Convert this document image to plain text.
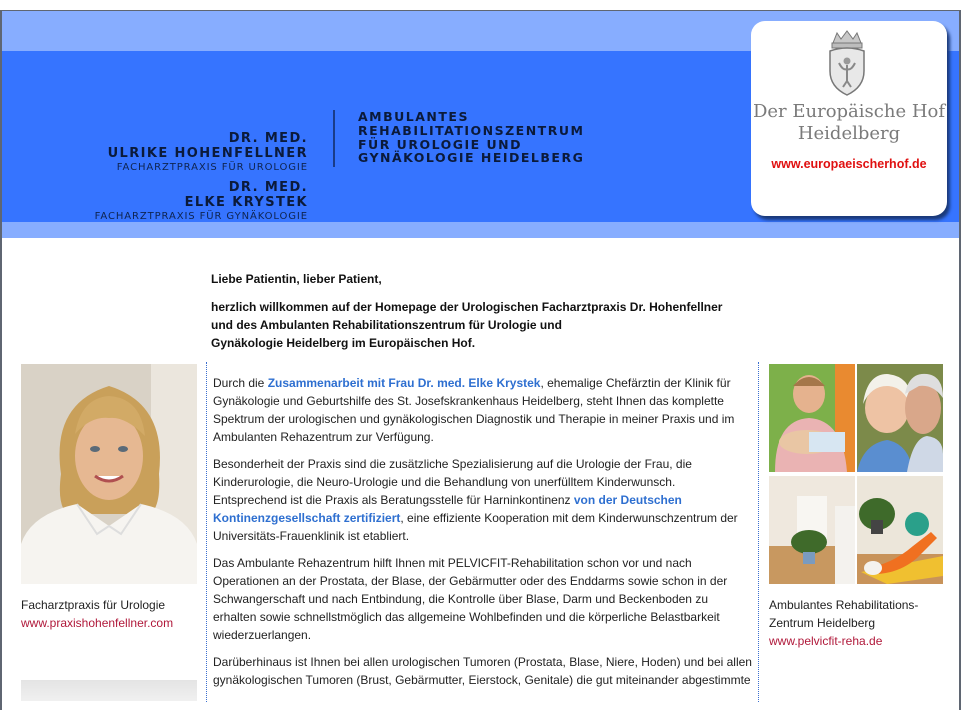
DR. MED.
ULRIKE HOHENFELLNER
FACHARZTPRAXIS FÜR UROLOGIE
DR. MED.
ELKE KRYSTEK
FACHARZTPRAXIS FÜR GYNÄKOLOGIE
AMBULANTES
REHABILITATIONSZENTRUM
FÜR UROLOGIE UND
GYNÄKOLOGIE HEIDELBERG
Der Europäische Hof
Heidelberg
www.europaeischerhof.de
Liebe Patientin, lieber Patient,
herzlich willkommen auf der Homepage der Urologischen Facharztpraxis Dr. Hohenfellner
und des Ambulanten Rehabilitationszentrum für Urologie und
Gynäkologie Heidelberg im Europäischen Hof.
Facharztpraxis für Urologie
www.praxishohenfellner.com

Durch die Zusammenarbeit mit Frau Dr. med. Elke Krystek, ehemalige Chefärztin der Klinik für Gynäkologie und Geburtshilfe des St. Josefskrankenhaus Heidelberg, steht Ihnen das komplette Spektrum der urologischen und gynäkologischen Diagnostik und Therapie in meiner Praxis und im Ambulanten Rehazentrum zur Verfügung.

Besonderheit der Praxis sind die zusätzliche Spezialisierung auf die Urologie der Frau, die Kinderurologie, die Neuro-Urologie und die Behandlung von unerfülltem Kinderwunsch. Entsprechend ist die Praxis als Beratungsstelle für Harninkontinenz von der Deutschen Kontinenzgesellschaft zertifiziert, eine effiziente Kooperation mit dem Kinderwunschzentrum der Universitäts-Frauenklinik ist etabliert.

Das Ambulante Rehazentrum hilft Ihnen mit PELVICFIT-Rehabilitation schon vor und nach Operationen an der Prostata, der Blase, der Gebärmutter oder des Enddarms sowie schon in der Schwangerschaft und nach Entbindung, die Kontrolle über Blase, Darm und Beckenboden zu erhalten sowie schnellstmöglich das allgemeine Wohlbefinden und die körperliche Belastbarkeit wiederzuerlangen.

Darüberhinaus ist Ihnen bei allen urologischen Tumoren (Prostata, Blase, Niere, Hoden) und bei allen gynäkologischen Tumoren (Brust, Gebärmutter, Eierstock, Genitale) die gut miteinander abgestimmte

Ambulantes Rehabilitations-
Zentrum Heidelberg
www.pelvicfit-reha.de
